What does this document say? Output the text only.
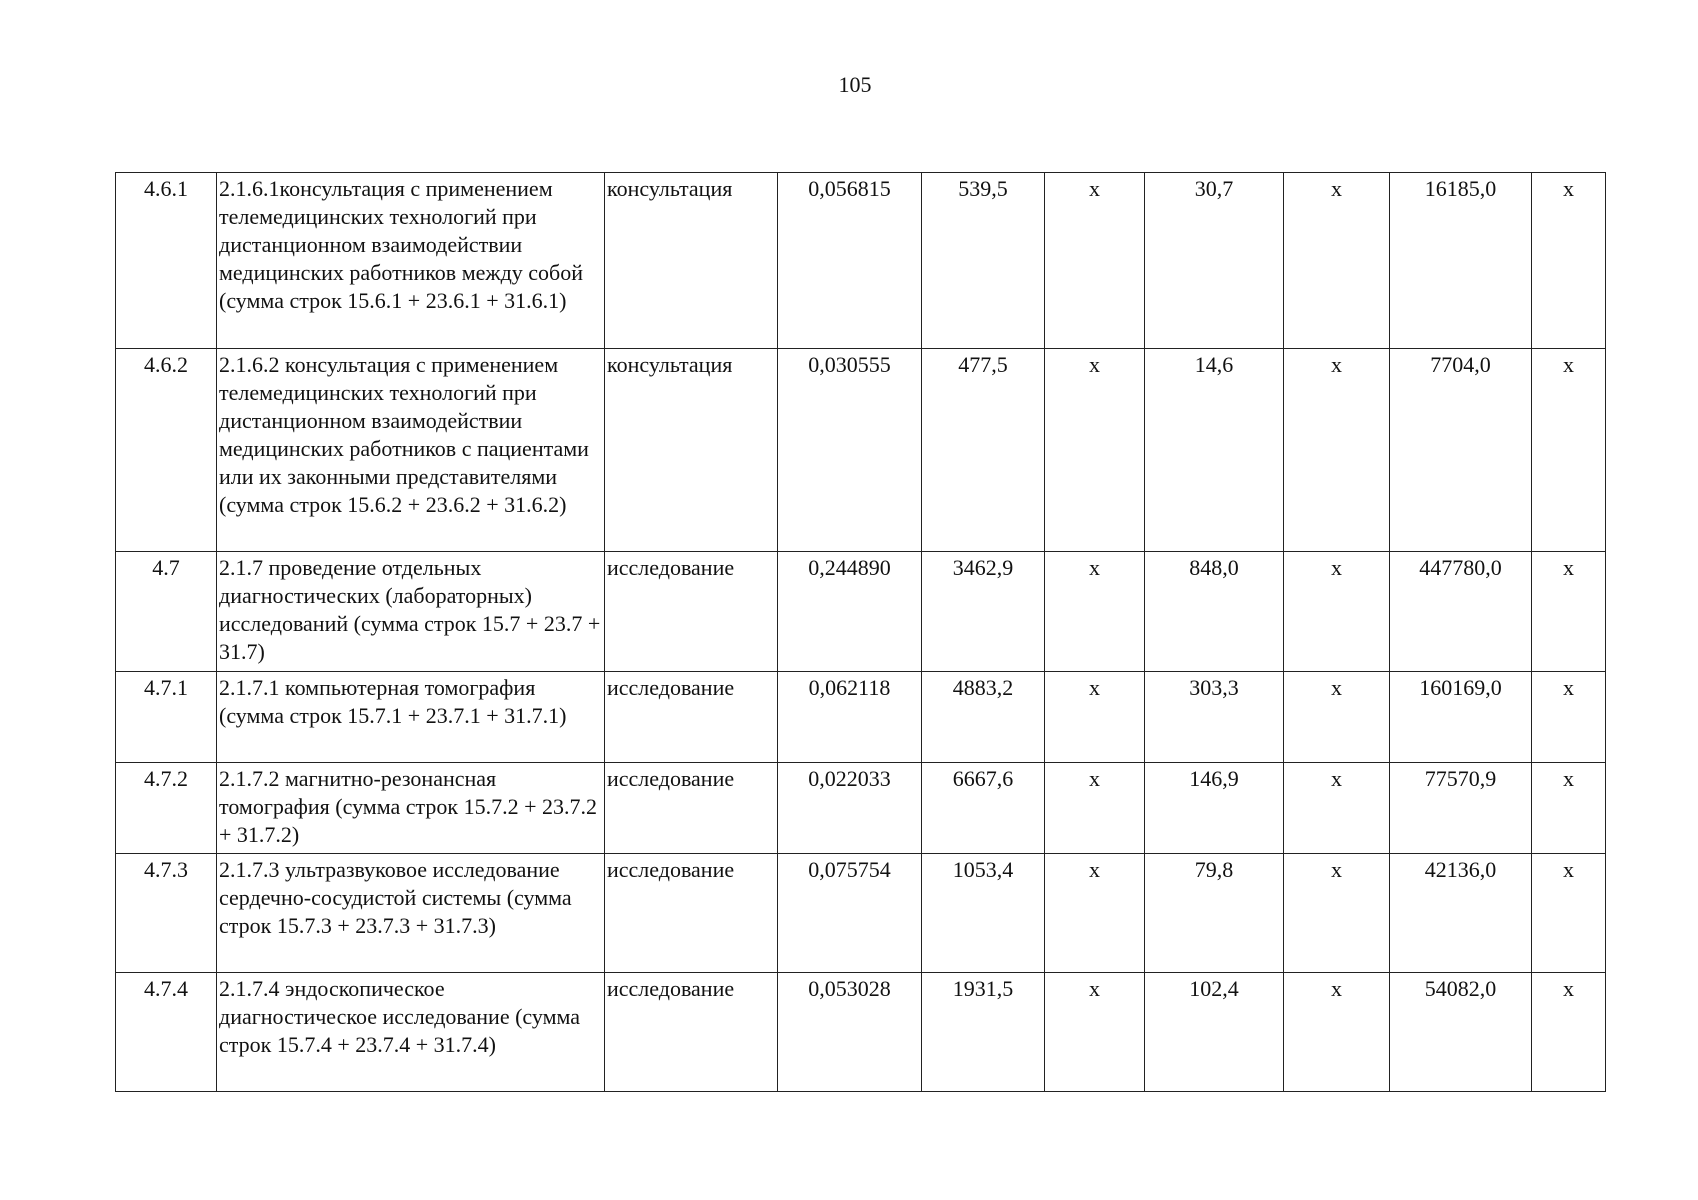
105
4.6.1	2.1.6.1консультация с применением телемедицинских технологий при дистанционном взаимодействии медицинских работников между собой (сумма строк 15.6.1 + 23.6.1 + 31.6.1)	консультация	0,056815	539,5	х	30,7	х	16185,0	х
4.6.2	2.1.6.2 консультация с применением телемедицинских технологий при дистанционном взаимодействии медицинских работников с пациентами или их законными представителями (сумма строк 15.6.2 + 23.6.2 + 31.6.2)	консультация	0,030555	477,5	х	14,6	х	7704,0	х
4.7	2.1.7 проведение отдельных диагностических (лабораторных) исследований (сумма строк 15.7 + 23.7 + 31.7)	исследование	0,244890	3462,9	х	848,0	х	447780,0	х
4.7.1	2.1.7.1 компьютерная томография (сумма строк 15.7.1 + 23.7.1 + 31.7.1)	исследование	0,062118	4883,2	х	303,3	х	160169,0	х
4.7.2	2.1.7.2 магнитно-резонансная томография (сумма строк 15.7.2 + 23.7.2 + 31.7.2)	исследование	0,022033	6667,6	х	146,9	х	77570,9	х
4.7.3	2.1.7.3 ультразвуковое исследование сердечно-сосудистой системы (сумма строк 15.7.3 + 23.7.3 + 31.7.3)	исследование	0,075754	1053,4	х	79,8	х	42136,0	х
4.7.4	2.1.7.4 эндоскопическое диагностическое исследование (сумма строк 15.7.4 + 23.7.4 + 31.7.4)	исследование	0,053028	1931,5	х	102,4	х	54082,0	х
